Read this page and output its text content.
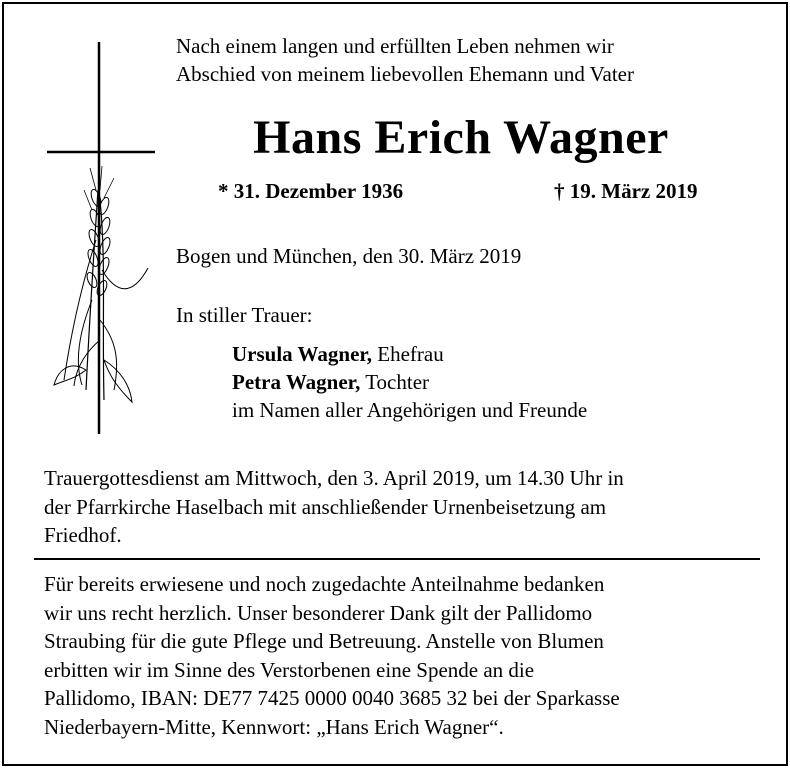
Nach einem langen und erfüllten Leben nehmen wir
Abschied von meinem liebevollen Ehemann und Vater

Hans Erich Wagner

* 31. Dezember 1936	† 19. März 2019

Bogen und München, den 30. März 2019

In stiller Trauer:

Ursula Wagner, Ehefrau
Petra Wagner, Tochter
im Namen aller Angehörigen und Freunde

Trauergottesdienst am Mittwoch, den 3. April 2019, um 14.30 Uhr in
der Pfarrkirche Haselbach mit anschließender Urnenbeisetzung am
Friedhof.

Für bereits erwiesene und noch zugedachte Anteilnahme bedanken
wir uns recht herzlich. Unser besonderer Dank gilt der Pallidomo
Straubing für die gute Pflege und Betreuung. Anstelle von Blumen
erbitten wir im Sinne des Verstorbenen eine Spende an die
Pallidomo, IBAN: DE77 7425 0000 0040 3685 32 bei der Sparkasse
Niederbayern-Mitte, Kennwort: „Hans Erich Wagner“.
